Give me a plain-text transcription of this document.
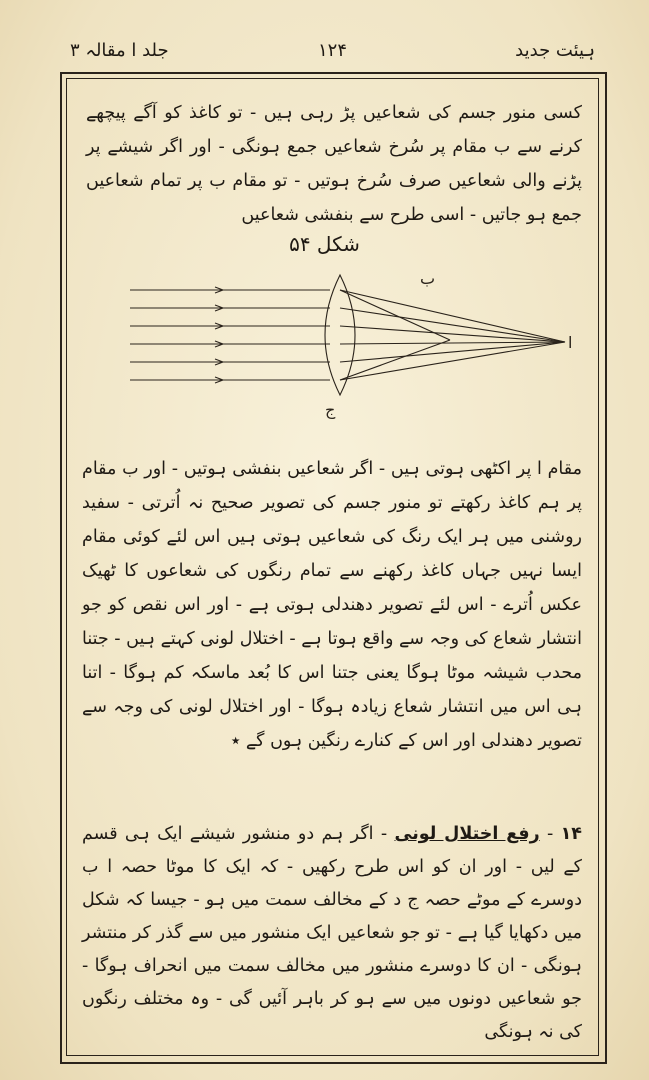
ہیئت جدید
۱۲۴
جلد ا مقالہ ۳
کسی منور جسم کی شعاعیں پڑ رہی ہیں - تو کاغذ کو آگے پیچھے کرنے سے ب مقام پر سُرخ شعاعیں جمع ہونگی - اور اگر شیشے پر پڑنے والی شعاعیں صرف سُرخ ہوتیں - تو مقام ب پر تمام شعاعیں جمع ہو جاتیں - اسی طرح سے بنفشی شعاعیں
شکل ۵۴
ب
ج
ا
مقام ا پر اکٹھی ہوتی ہیں - اگر شعاعیں بنفشی ہوتیں - اور ب مقام پر ہم کاغذ رکھتے تو منور جسم کی تصویر صحیح نہ اُترتی - سفید روشنی میں ہر ایک رنگ کی شعاعیں ہوتی ہیں اس لئے کوئی مقام ایسا نہیں جہاں کاغذ رکھنے سے تمام رنگوں کی شعاعوں کا ٹھیک عکس اُترے - اس لئے تصویر دھندلی ہوتی ہے - اور اس نقص کو جو انتشار شعاع کی وجہ سے واقع ہوتا ہے - اختلال لونی کہتے ہیں - جتنا محدب شیشہ موٹا ہوگا یعنی جتنا اس کا بُعد ماسکہ کم ہوگا - اتنا ہی اس میں انتشار شعاع زیادہ ہوگا - اور اختلال لونی کی وجہ سے تصویر دھندلی اور اس کے کنارے رنگین ہوں گے ٭
۱۴ - رفع اختلال لونی - اگر ہم دو منشور شیشے ایک ہی قسم کے لیں - اور ان کو اس طرح رکھیں - کہ ایک کا موٹا حصہ ا ب دوسرے کے موٹے حصہ ج د کے مخالف سمت میں ہو - جیسا کہ شکل میں دکھایا گیا ہے - تو جو شعاعیں ایک منشور میں سے گذر کر منتشر ہونگی - ان کا دوسرے منشور میں مخالف سمت میں انحراف ہوگا - جو شعاعیں دونوں میں سے ہو کر باہر آئیں گی - وہ مختلف رنگوں کی نہ ہونگی
